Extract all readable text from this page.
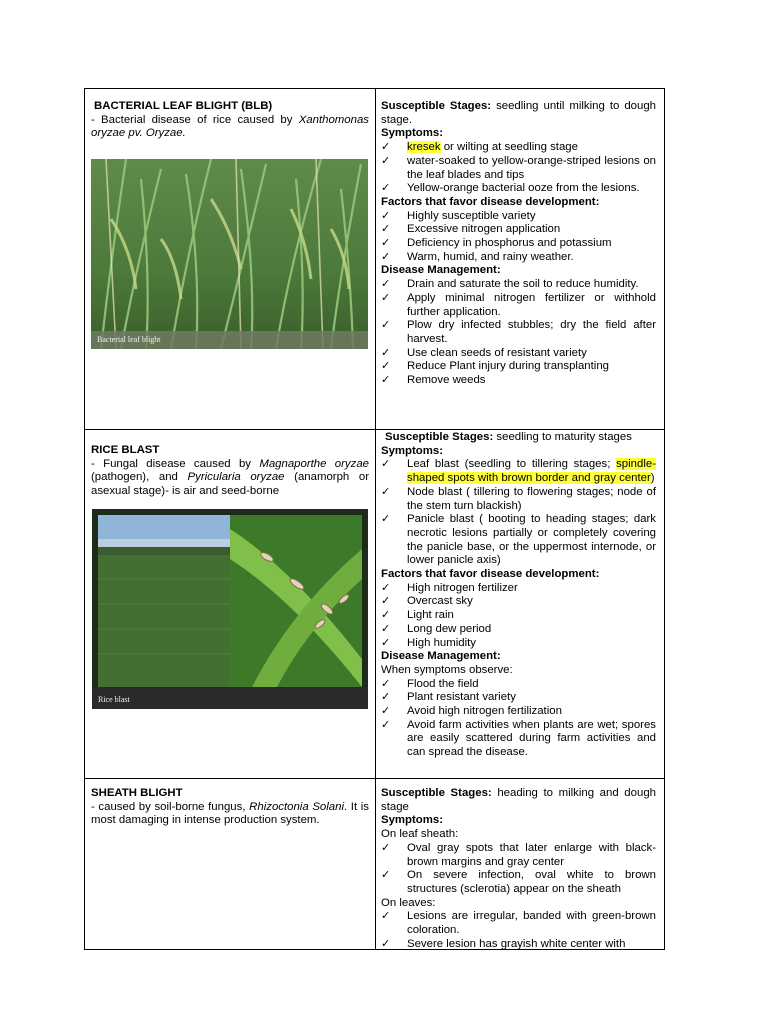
BACTERIAL LEAF BLIGHT (BLB)
- Bacterial disease of rice caused by Xanthomonas oryzae pv. Oryzae.
Bacterial leaf blight
Susceptible Stages: seedling until milking to dough stage.
Symptoms:
✓ kresek or wilting at seedling stage
✓ water-soaked to yellow-orange-striped lesions on the leaf blades and tips
✓ Yellow-orange bacterial ooze from the lesions.
Factors that favor disease development:
✓ Highly susceptible variety
✓ Excessive nitrogen application
✓ Deficiency in phosphorus and potassium
✓ Warm, humid, and rainy weather.
Disease Management:
✓ Drain and saturate the soil to reduce humidity.
✓ Apply minimal nitrogen fertilizer or withhold further application.
✓ Plow dry infected stubbles; dry the field after harvest.
✓ Use clean seeds of resistant variety
✓ Reduce Plant injury during transplanting
✓ Remove weeds
RICE BLAST
- Fungal disease caused by Magnaporthe oryzae (pathogen), and Pyricularia oryzae (anamorph or asexual stage)- is air and seed-borne
Rice blast
Susceptible Stages: seedling to maturity stages
Symptoms:
✓ Leaf blast (seedling to tillering stages; spindle-shaped spots with brown border and gray center)
✓ Node blast ( tillering to flowering stages; node of the stem turn blackish)
✓ Panicle blast ( booting to heading stages; dark necrotic lesions partially or completely covering the panicle base, or the uppermost internode, or lower panicle axis)
Factors that favor disease development:
✓ High nitrogen fertilizer
✓ Overcast sky
✓ Light rain
✓ Long dew period
✓ High humidity
Disease Management:
When symptoms observe:
✓ Flood the field
✓ Plant resistant variety
✓ Avoid high nitrogen fertilization
✓ Avoid farm activities when plants are wet; spores are easily scattered during farm activities and can spread the disease.
SHEATH BLIGHT
- caused by soil-borne fungus, Rhizoctonia Solani. It is most damaging in intense production system.
Susceptible Stages: heading to milking and dough stage
Symptoms:
On leaf sheath:
✓ Oval gray spots that later enlarge with black-brown margins and gray center
✓ On severe infection, oval white to brown structures (sclerotia) appear on the sheath
On leaves:
✓ Lesions are irregular, banded with green-brown coloration.
✓ Severe lesion has grayish white center with
